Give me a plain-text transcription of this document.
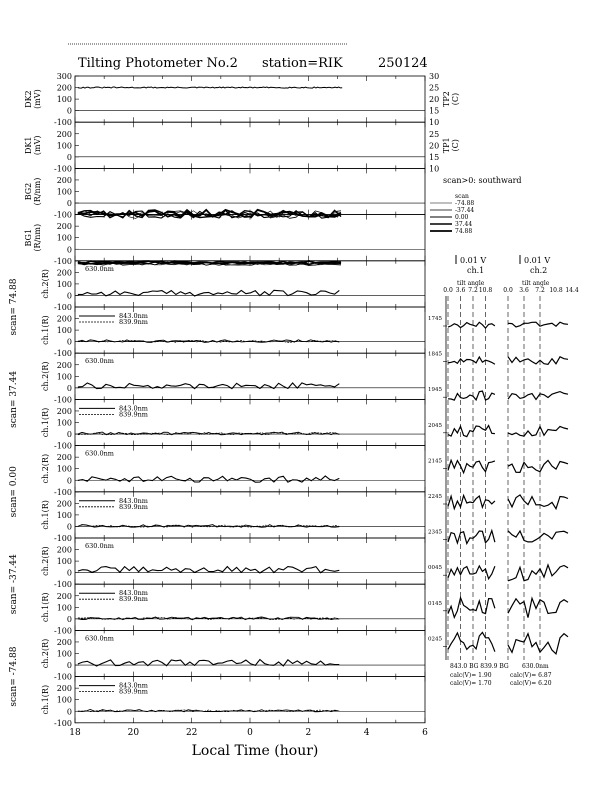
Tilting Photometer No.2 station=RIK	250124
Local Time (hour)
scan>0: southward
scan
0.01 V
ch.1
0.01 V
ch.2
tilt angle	tilt angle
843.0 BG 839.9 BG 630.0nm
calc(V)= 1.90
calc(V)= 1.70
calc(V)= 6.87
calc(V)= 6.20
300
200
100
0
-100
DK2 (mV)
200
100
0
-100
DK1 (mV)
200
100
0
-100
BG2 (R/nm)
200
100
0
-100
BG1 (R/nm)
200
100
0
-100
ch.2(R)
630.0nm
200
100
0
-100
ch.1(R)	843.0nm
839.9nm
200
100
0
-100
ch.2(R)
630.0nm
200
100
0
-100
ch.1(R)	843.0nm
839.9nm
200
100
0
-100
ch.2(R)
630.0nm
200
100
0
-100
ch.1(R)	843.0nm
839.9nm
200
100
0
-100
ch.2(R)
630.0nm
200
100
0
-100
ch.1(R)	843.0nm
839.9nm
200
100
0
-100
ch.2(R)
630.0nm
200
100
0
-100
ch.1(R)	843.0nm
839.9nm
18	20	22	0	2	4	6
30
25
20
15
10
25
20
15
10
TP2 (C)
TP1 (C)
scan= 74.88
scan= 37.44
scan= 0.00
scan= -37.44
scan= -74.88
-74.88
-37.44
0.00
37.44
74.88
0.0 3.6 7.2 10.8 0.0 3.6 7.2 10.8 14.4
1745
1845
1945
2045
2145
2245
2345
0045
0145
0245
